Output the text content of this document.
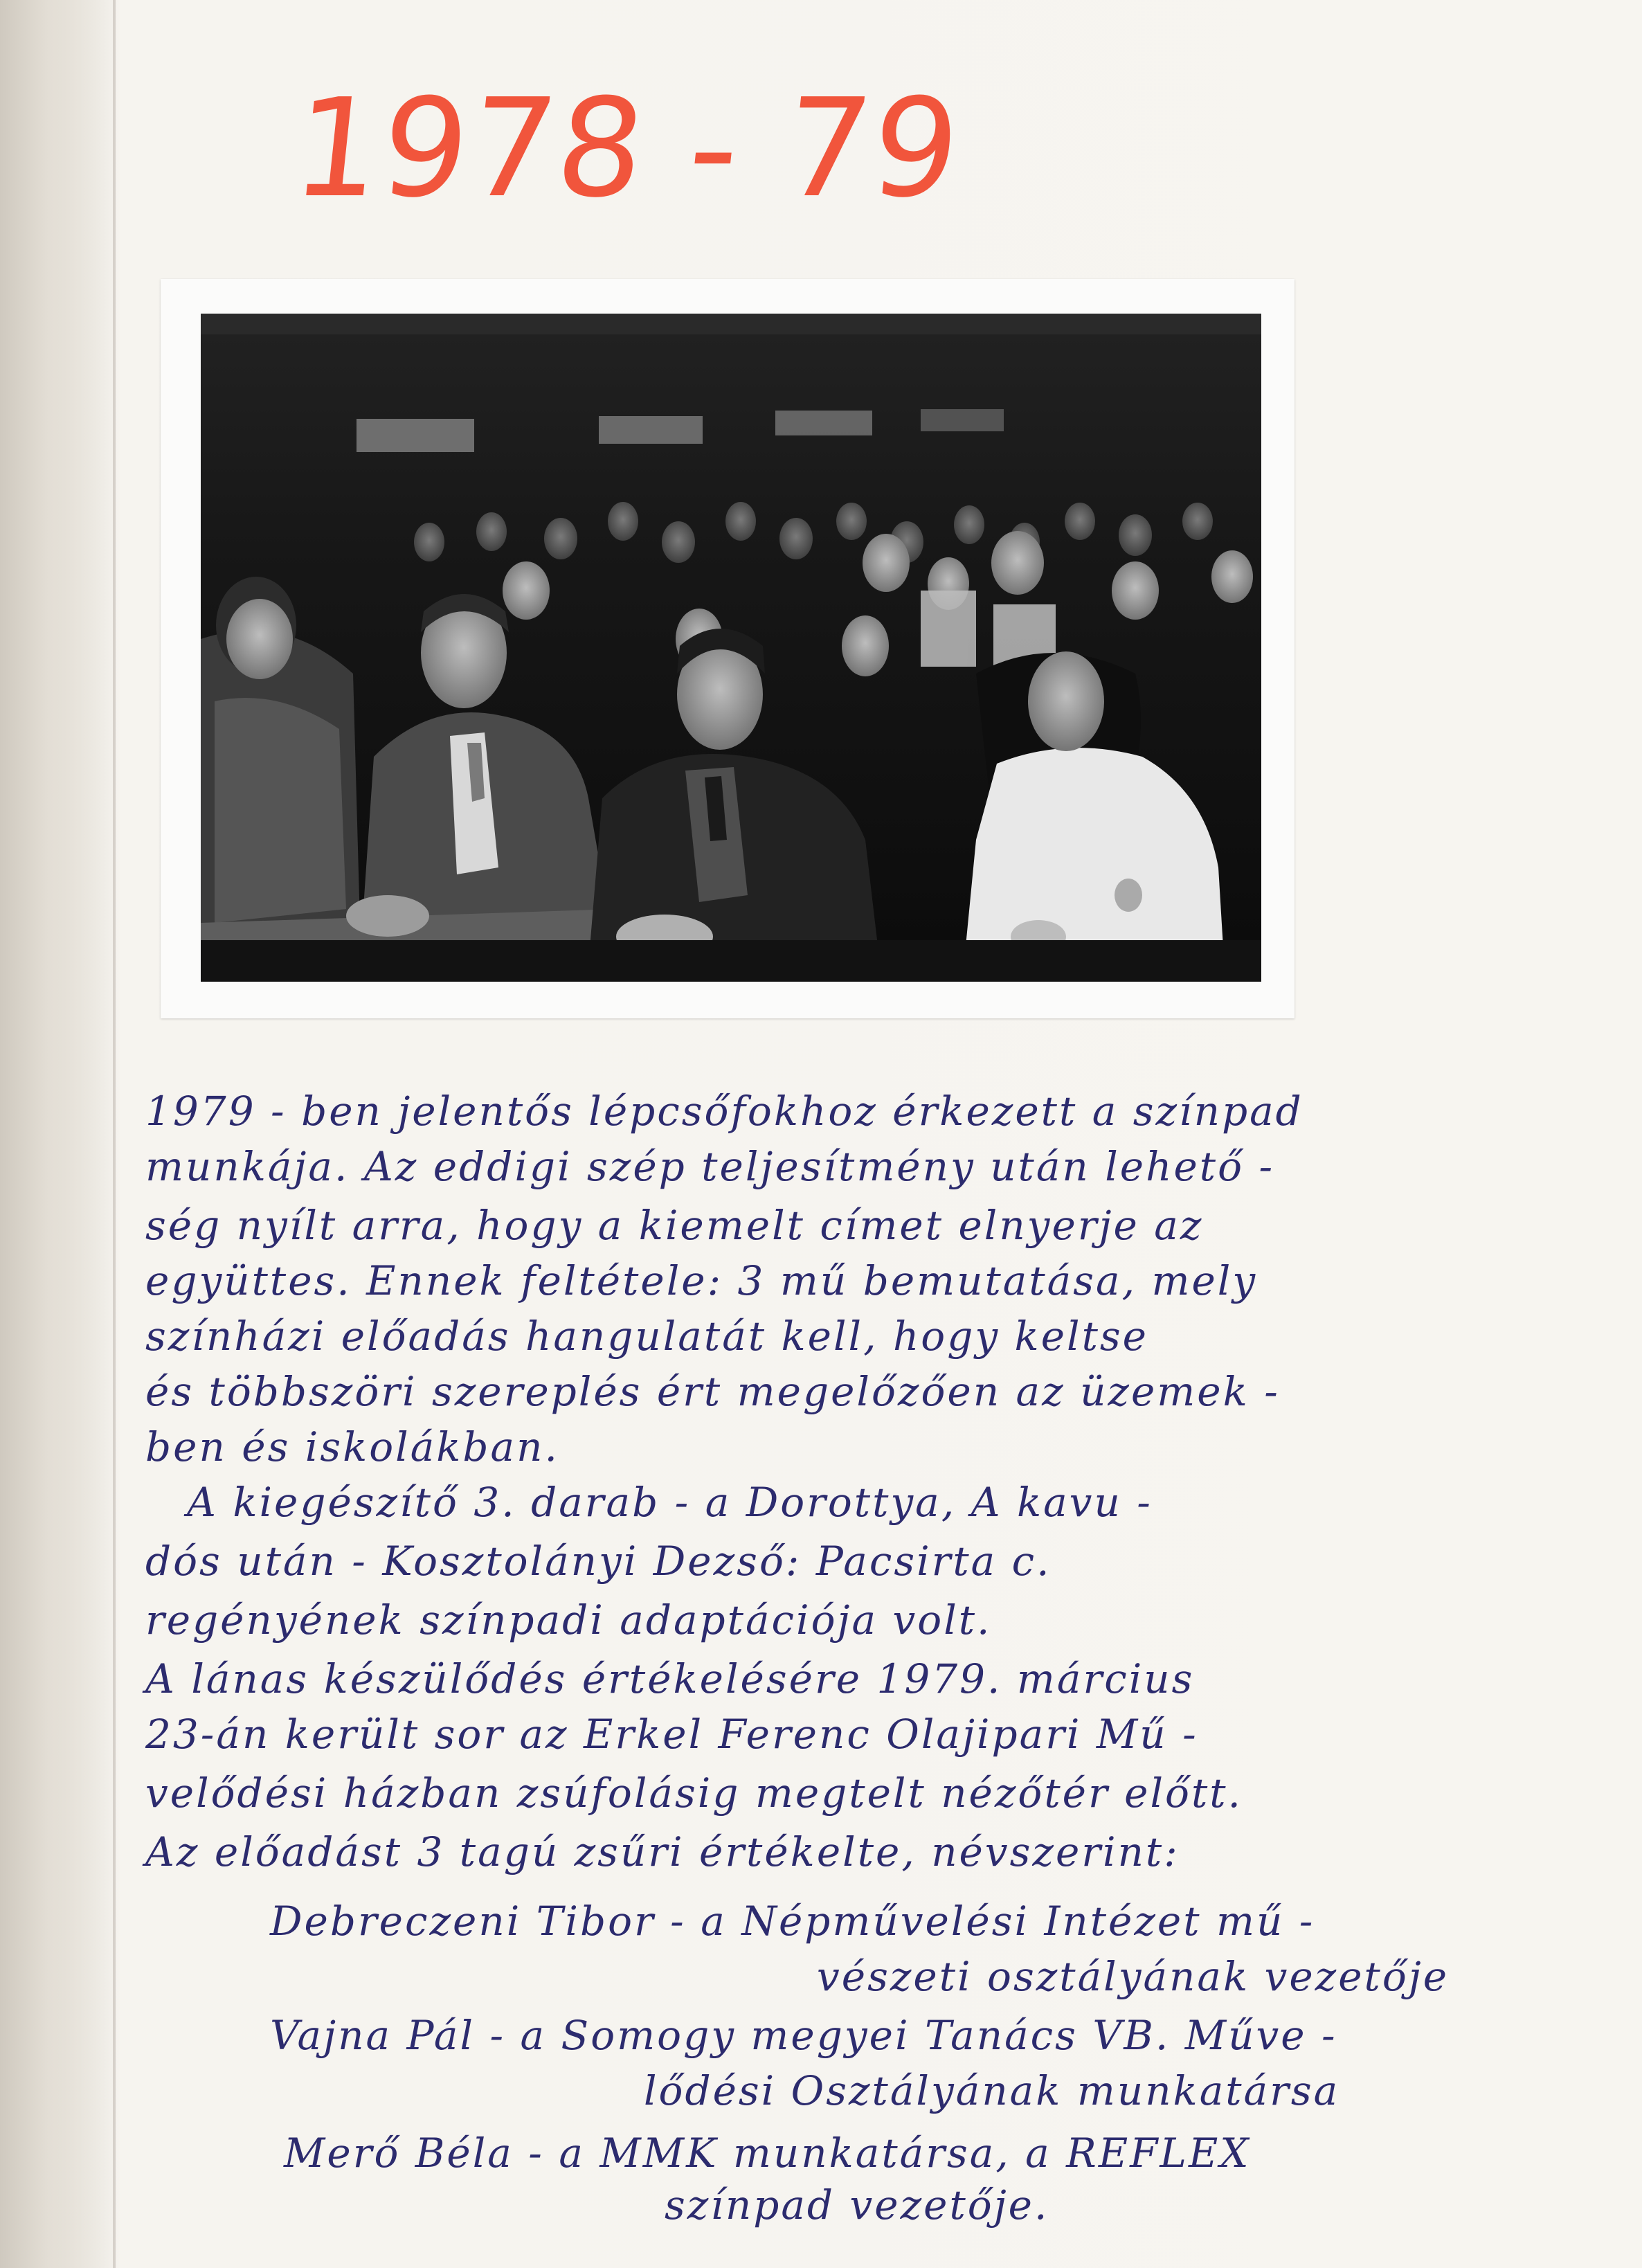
1978 - 79

1979 - ben jelentős lépcsőfokhoz érkezett a színpad

munkája. Az eddigi szép teljesítmény után lehető -

ség nyílt arra, hogy a kiemelt címet elnyerje az

együttes. Ennek feltétele: 3 mű bemutatása, mely

színházi előadás hangulatát kell, hogy keltse

és többszöri szereplés ért megelőzően az üzemek -

ben és iskolákban.

A kiegészítő 3. darab - a Dorottya, A kavu -

dós után - Kosztolányi Dezső: Pacsirta c.

regényének színpadi adaptációja volt.

A lánas készülődés értékelésére 1979. március

23-án került sor az Erkel Ferenc Olajipari Mű -

velődési házban zsúfolásig megtelt nézőtér előtt.

Az előadást 3 tagú zsűri értékelte, névszerint:

Debreczeni Tibor - a Népművelési Intézet mű -

vészeti osztályának vezetője

Vajna Pál - a Somogy megyei Tanács VB. Műve -

lődési Osztályának munkatársa

Merő Béla - a MMK munkatársa, a REFLEX

színpad vezetője.
